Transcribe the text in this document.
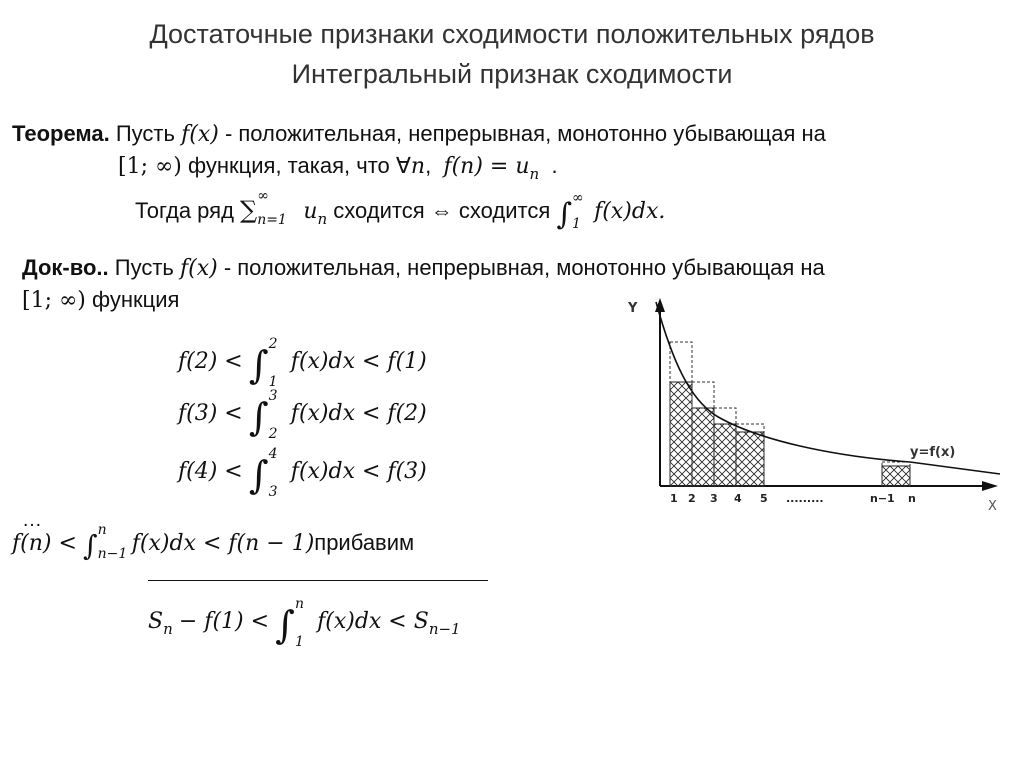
Достаточные признаки сходимости положительных рядов
Интегральный признак сходимости
Теорема. Пусть f(x) - положительная, непрерывная, монотонно убывающая на
[1; ∞) функция, такая, что ∀n, $f(n) = u_n$ .
Тогда ряд ∑ ∞
n=1 $u_n$ сходится ⇔ сходится ∫ ∞
1 f(x)dx.
Док-во.. Пусть f(x) - положительная, непрерывная, монотонно убывающая на
[1; ∞) функция
f(2) < ∫ 2
1
f(x)dx < f(1)
f(3) < ∫ 3
2
f(x)dx < f(2)
f(4) < ∫ 4
3
f(x)dx < f(3)
…
f(n) < ∫ n
n−1 f(x)dx < f(n − 1)прибавим
$S_n - f(1)$ < ∫ n
1
$f(x)dx < S_{n-1}$
Y
X
y=f(x)
1 2 3 4 5 .........	n−1 n
